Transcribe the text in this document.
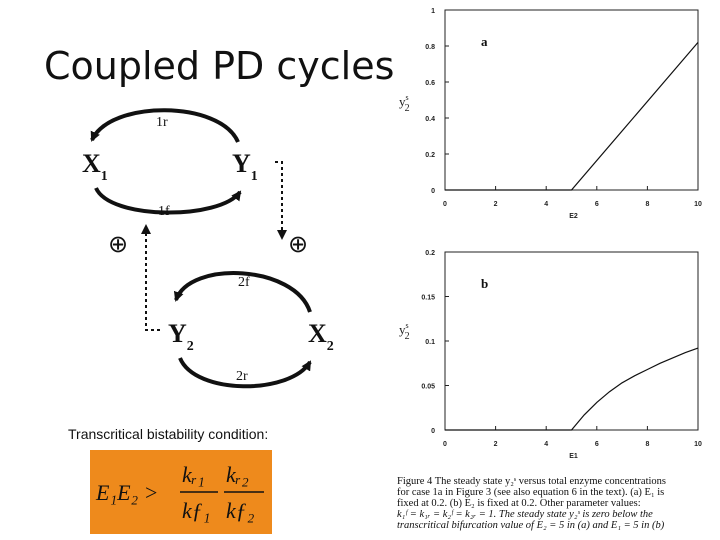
Coupled PD cycles
1r
1f
$X_1$	$Y_1$
⊕	⊕
2f
2r
$Y_2$	$X_2$
Transcritical bistability condition:
E₁E₂ >
kᵣ₁
kƒ₁
kᵣ₂
kƒ₂
0	2	4	6	8	10
0
0.2
0.4
0.6
0.8
1
E2
$y^s$ 2
a
0	2	4	6	8	10
0
0.05
0.1
0.15
0.2
E1
$y^s$ 2
b
Figure 4 The steady state y₂ˢ versus total enzyme concentrations
for case 1a in Figure 3 (see also equation 6 in the text). (a) E₁ is
fixed at 0.2. (b) E₂ is fixed at 0.2. Other parameter values:
k₁ᶠ = k₁ᵣ = k₂ᶠ = k₂ᵣ = 1. The steady state y₂ˢ is zero below the
transcritical bifurcation value of E₂ = 5 in (a) and E₁ = 5 in (b)
